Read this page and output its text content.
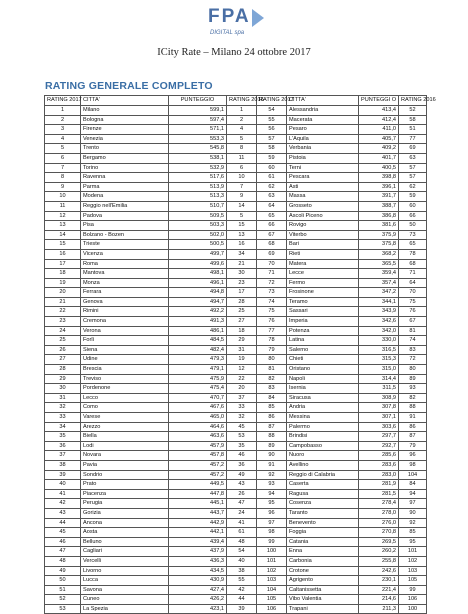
FPA
DIGITAL spa
ICity Rate – Milano 24 ottobre 2017
RATING GENERALE COMPLETO
RATING 2017	CITTA'	PUNTEGGIO	RATING 2016	RATING 2017	CITTA'	PUNTEGGI O	RATING 2016
1	Milano	599,1	1	54	Alessandria	413,4	52
2	Bologna	597,4	2	55	Macerata	412,4	58
3	Firenze	571,1	4	56	Pesaro	411,0	51
4	Venezia	553,3	5	57	L'Aquila	405,7	77
5	Trento	545,8	8	58	Verbania	409,2	69
6	Bergamo	538,1	11	59	Pistoia	401,7	63
7	Torino	532,9	6	60	Terni	400,5	57
8	Ravenna	517,6	10	61	Pescara	398,8	57
9	Parma	513,9	7	62	Asti	396,1	62
10	Modena	513,3	9	63	Massa	391,7	59
11	Reggio nell'Emilia	510,7	14	64	Grosseto	388,7	60
12	Padova	509,5	5	65	Ascoli Piceno	386,8	66
13	Pisa	503,3	15	66	Rovigo	381,6	50
14	Bolzano - Bozen	502,0	13	67	Viterbo	375,9	73
15	Trieste	500,5	16	68	Bari	375,8	65
16	Vicenza	499,7	34	69	Rieti	368,2	78
17	Roma	499,6	21	70	Matera	365,5	68
18	Mantova	498,1	30	71	Lecce	359,4	71
19	Monza	496,1	23	72	Fermo	357,4	64
20	Ferrara	494,8	17	73	Frosinone	347,2	70
21	Genova	494,7	28	74	Teramo	344,1	75
22	Rimini	492,2	25	75	Sassari	343,9	76
23	Cremona	491,3	27	76	Imperia	342,6	67
24	Verona	486,1	18	77	Potenza	342,0	81
25	Forlì	484,5	29	78	Latina	330,0	74
26	Siena	482,4	31	79	Salerno	316,5	83
27	Udine	479,3	19	80	Chieti	315,3	72
28	Brescia	479,1	12	81	Oristano	315,0	80
29	Treviso	475,9	22	82	Napoli	314,4	89
30	Pordenone	475,4	20	83	Isernia	311,5	93
31	Lecco	470,7	37	84	Siracusa	308,9	82
32	Como	467,6	33	85	Andria	307,8	88
33	Varese	465,0	32	86	Messina	307,1	91
34	Arezzo	464,6	45	87	Palermo	303,6	86
35	Biella	463,6	53	88	Brindisi	297,7	87
36	Lodi	457,9	35	89	Campobasso	292,7	79
37	Novara	457,8	46	90	Nuoro	285,6	96
38	Pavia	457,2	36	91	Avellino	283,6	98
39	Sondrio	457,2	49	92	Reggio di Calabria	283,0	104
40	Prato	449,5	43	93	Caserta	281,9	84
41	Piacenza	447,8	26	94	Ragusa	281,5	94
42	Perugia	445,1	47	95	Cosenza	278,4	97
43	Gorizia	443,7	24	96	Taranto	278,0	90
44	Ancona	442,9	41	97	Benevento	276,0	92
45	Aosta	442,1	61	98	Foggia	270,8	85
46	Belluno	439,4	48	99	Catania	269,5	95
47	Cagliari	437,9	54	100	Enna	260,2	101
48	Vercelli	436,3	40	101	Carbonia	255,8	102
49	Livorno	434,5	38	102	Crotone	242,6	103
50	Lucca	430,9	55	103	Agrigento	230,1	105
51	Savona	427,4	42	104	Caltanissetta	221,4	99
52	Cuneo	426,2	44	105	Vibo Valentia	214,6	106
53	La Spezia	423,1	39	106	Trapani	211,3	100
